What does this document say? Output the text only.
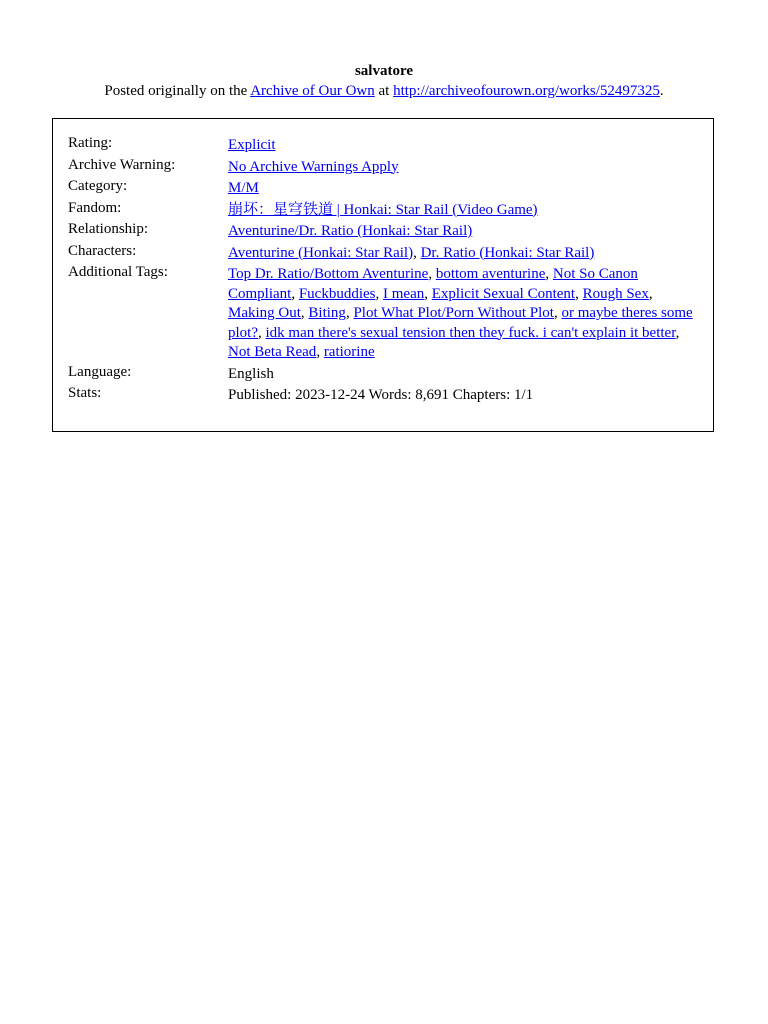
salvatore
Posted originally on the Archive of Our Own at http://archiveofourown.org/works/52497325.
Rating:	Explicit
Archive Warning:	No Archive Warnings Apply
Category:	M/M
Fandom:	崩坏：星穹铁道 | Honkai: Star Rail (Video Game)
Relationship:	Aventurine/Dr. Ratio (Honkai: Star Rail)
Characters:	Aventurine (Honkai: Star Rail), Dr. Ratio (Honkai: Star Rail)
Additional Tags:	Top Dr. Ratio/Bottom Aventurine, bottom aventurine, Not So Canon Compliant, Fuckbuddies, I mean, Explicit Sexual Content, Rough Sex, Making Out, Biting, Plot What Plot/Porn Without Plot, or maybe theres some plot?, idk man there's sexual tension then they fuck. i can't explain it better, Not Beta Read, ratiorine
Language:	English
Stats:	Published: 2023-12-24 Words: 8,691 Chapters: 1/1
